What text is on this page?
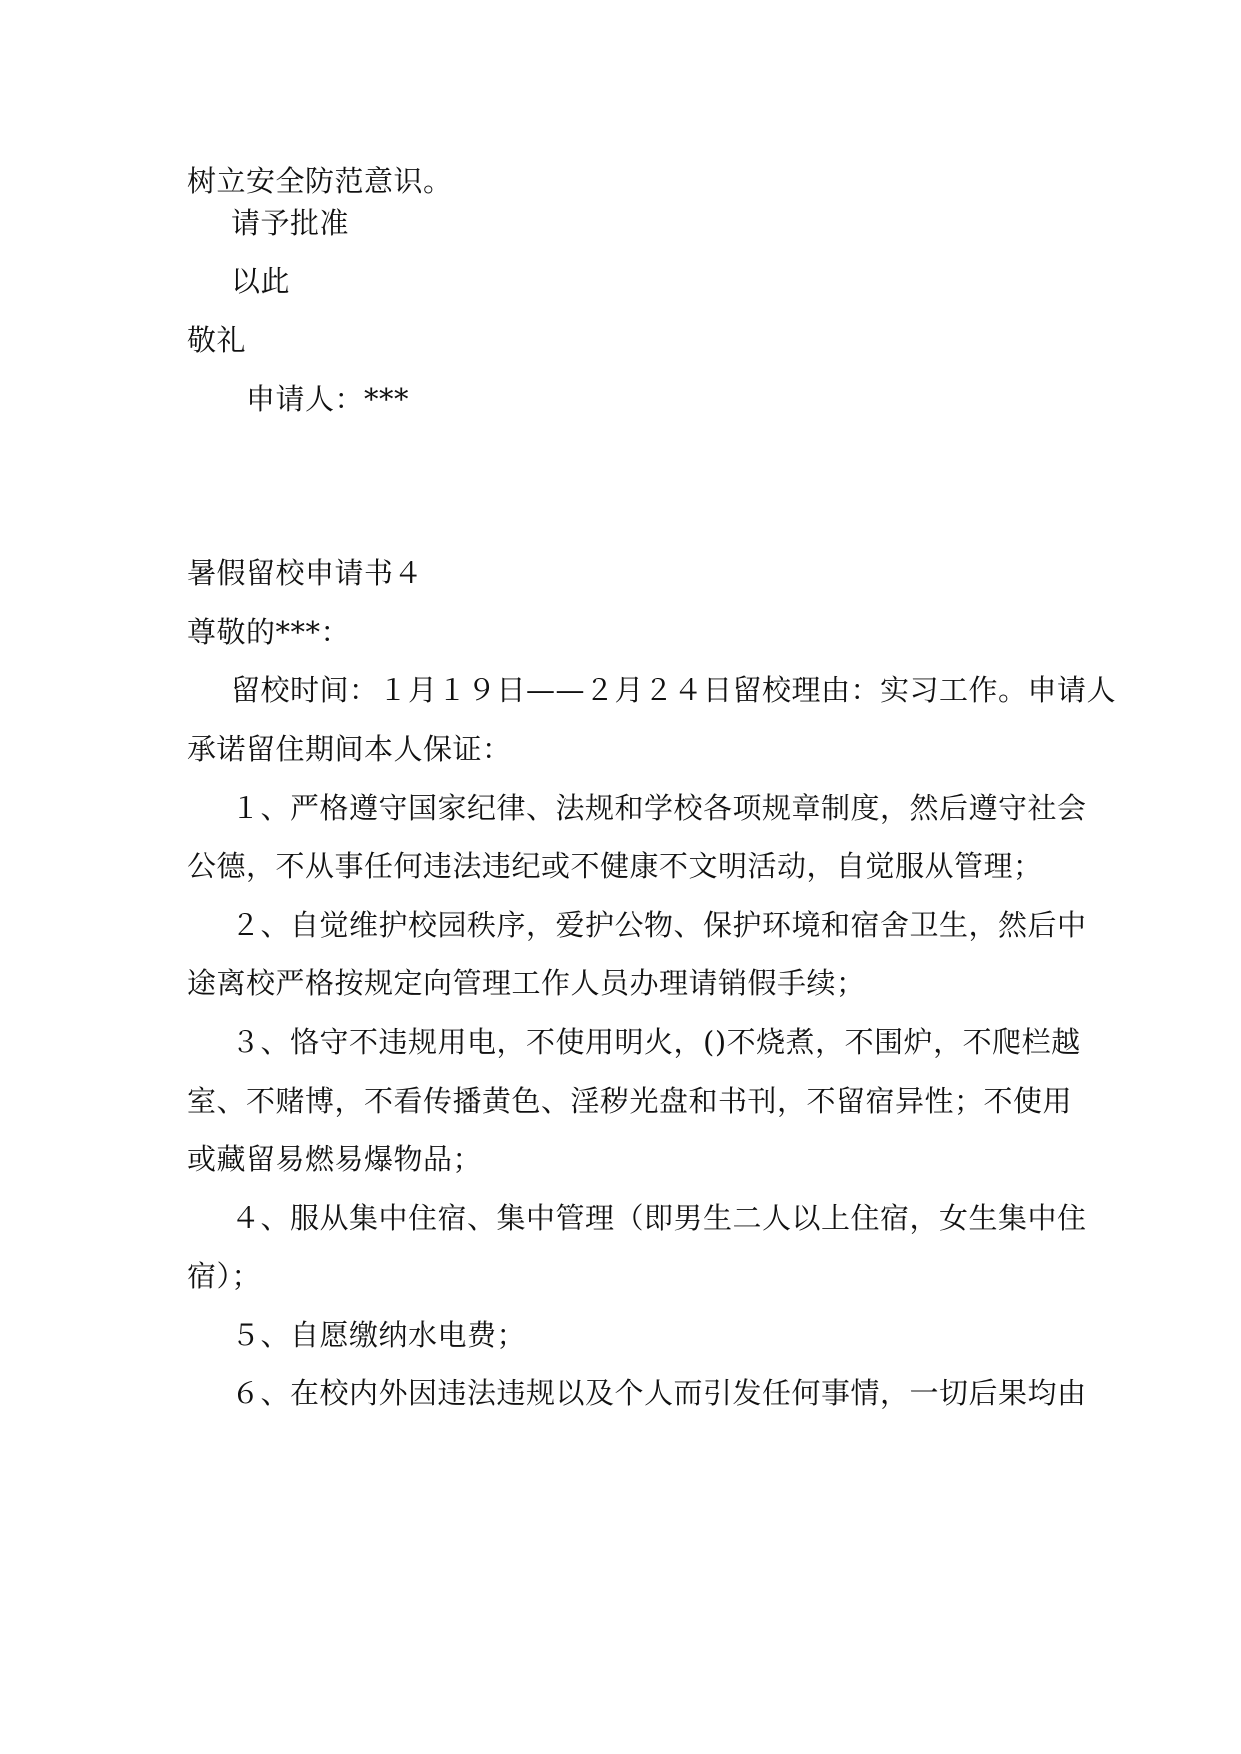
树立安全防范意识。
请予批准
以此
敬礼
申请人：***
暑假留校申请书４
尊敬的***：
留校时间：１月１９日——２月２４日留校理由：实习工作。申请人
承诺留住期间本人保证：
１、严格遵守国家纪律、法规和学校各项规章制度，然后遵守社会
公德，不从事任何违法违纪或不健康不文明活动，自觉服从管理；
２、自觉维护校园秩序，爱护公物、保护环境和宿舍卫生，然后中
途离校严格按规定向管理工作人员办理请销假手续；
３、恪守不违规用电，不使用明火，()不烧煮，不围炉，不爬栏越
室、不赌博，不看传播黄色、淫秽光盘和书刊，不留宿异性；不使用
或藏留易燃易爆物品；
４、服从集中住宿、集中管理（即男生二人以上住宿，女生集中住
宿）；
５、自愿缴纳水电费；
６、在校内外因违法违规以及个人而引发任何事情，一切后果均由
